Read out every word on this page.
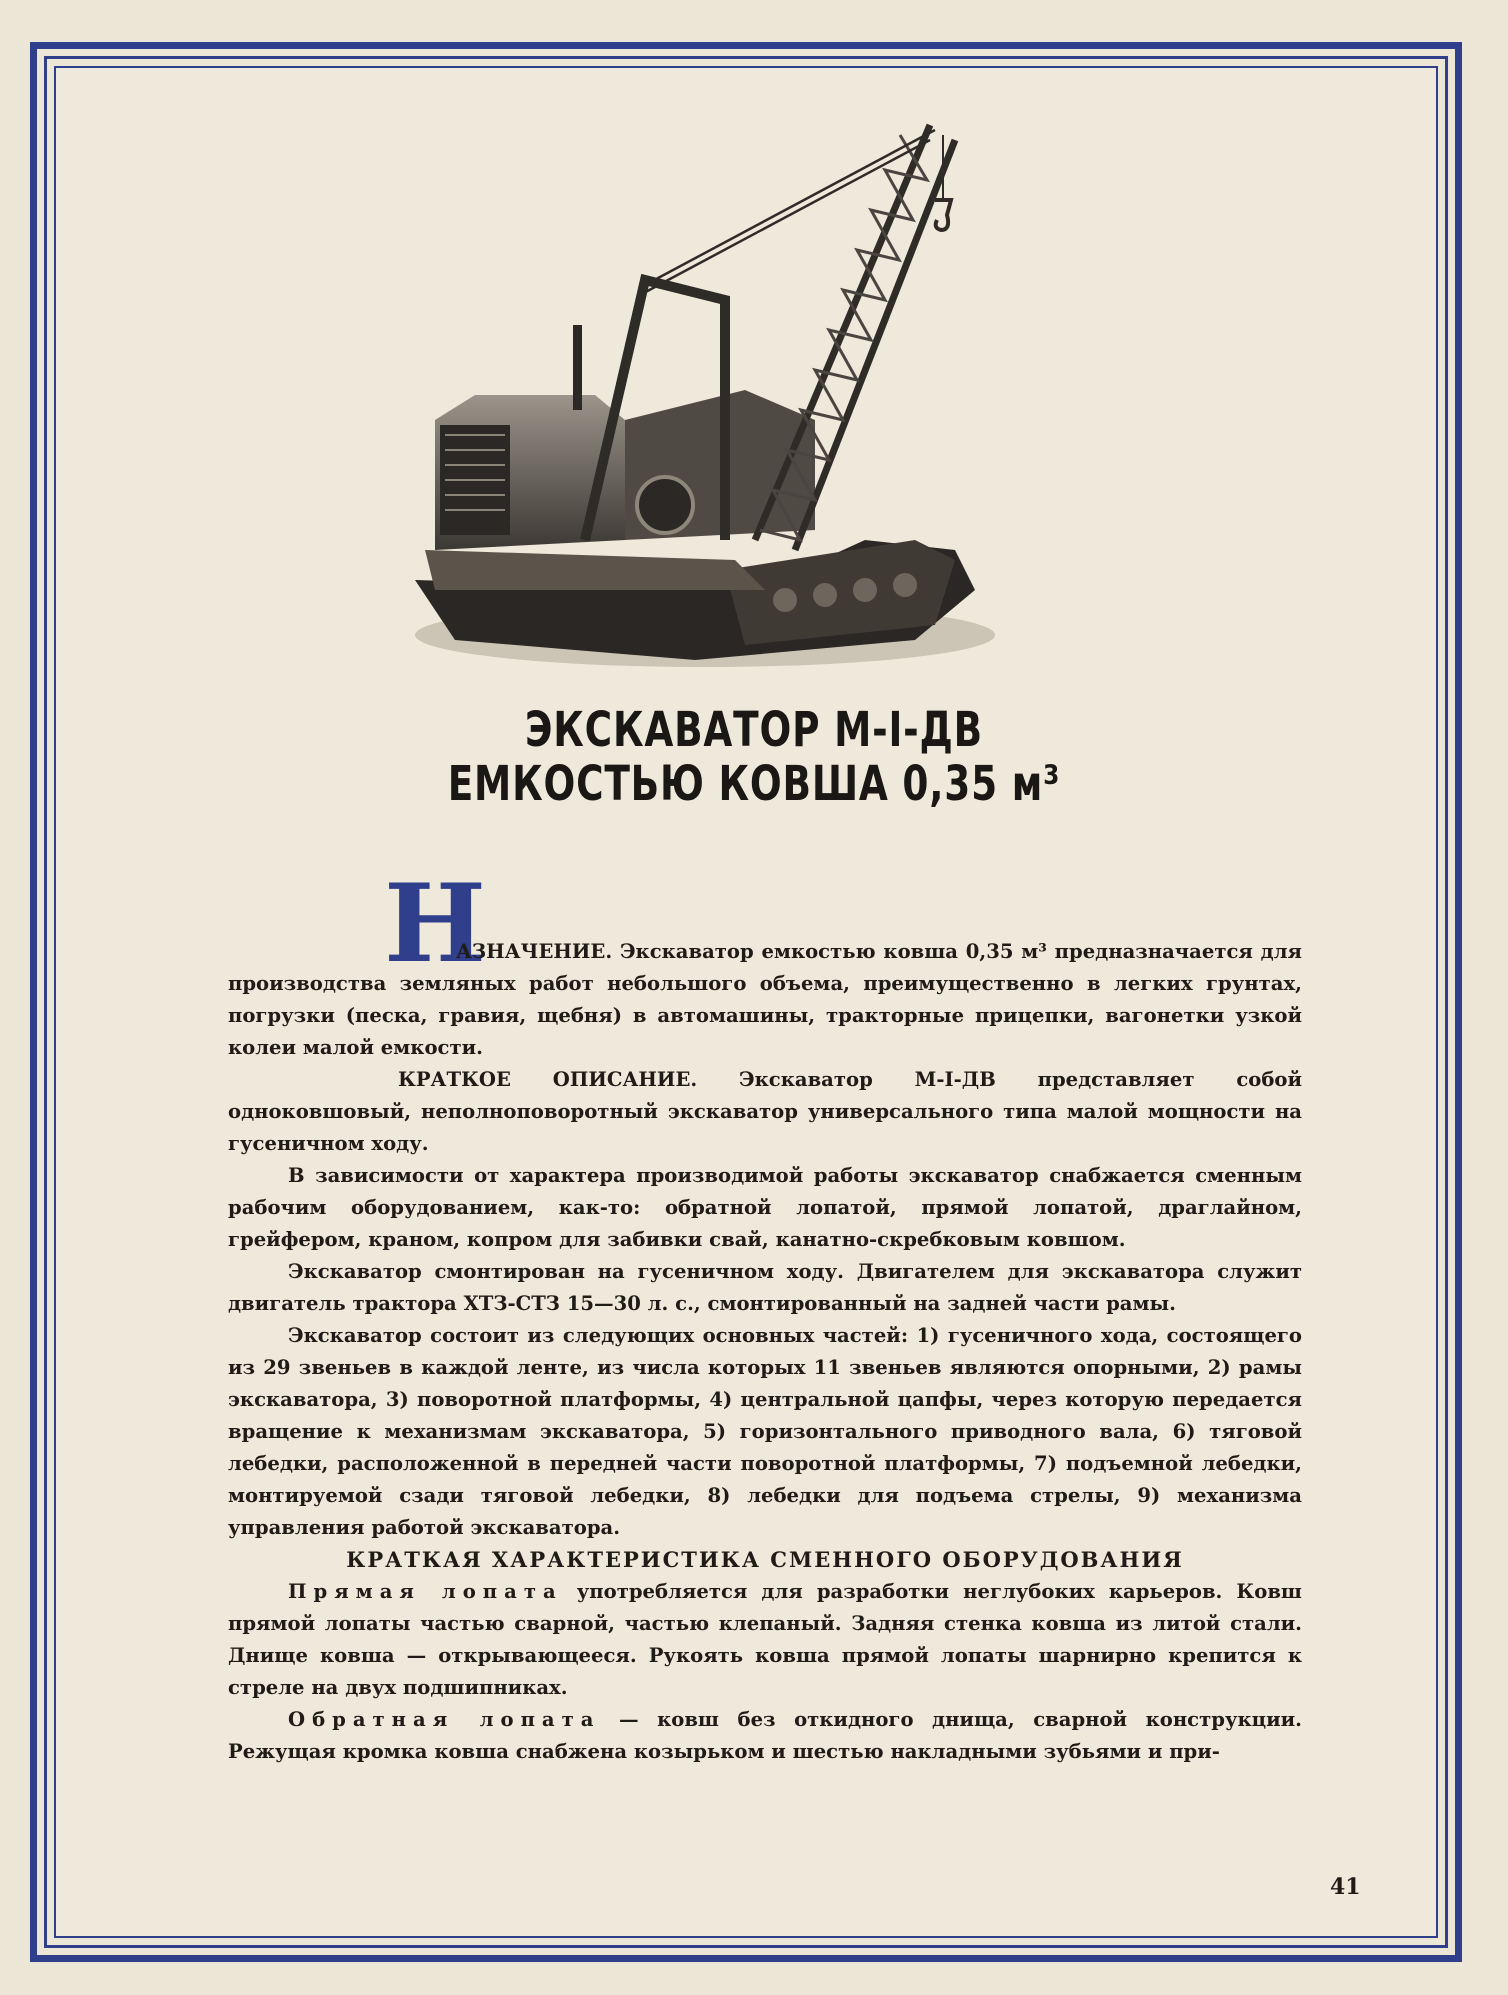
ЭКСКАВАТОР М-I-ДВ
ЕМКОСТЬЮ КОВША 0,35 м³
Н

АЗНАЧЕНИЕ. Экскаватор емкостью ковша 0,35 м³ предназначается для производства земляных работ небольшого объема, преимущественно в легких грунтах, погрузки (песка, гравия, щебня) в автомашины, тракторные прицепки, вагонетки узкой колеи малой емкости.

КРАТКОЕ ОПИСАНИЕ. Экскаватор М-I-ДВ представляет собой одноковшовый, неполноповоротный экскаватор универсального типа малой мощности на гусеничном ходу.

В зависимости от характера производимой работы экскаватор снабжается сменным рабочим оборудованием, как-то: обратной лопатой, прямой лопатой, драглайном, грейфером, краном, копром для забивки свай, канатно-скребковым ковшом.

Экскаватор смонтирован на гусеничном ходу. Двигателем для экскаватора служит двигатель трактора ХТЗ-СТЗ 15—30 л. с., смонтированный на задней части рамы.

Экскаватор состоит из следующих основных частей: 1) гусеничного хода, состоящего из 29 звеньев в каждой ленте, из числа которых 11 звеньев являются опорными, 2) рамы экскаватора, 3) поворотной платформы, 4) центральной цапфы, через которую передается вращение к механизмам экскаватора, 5) горизонтального приводного вала, 6) тяговой лебедки, расположенной в передней части поворотной платформы, 7) подъемной лебедки, монтируемой сзади тяговой лебедки, 8) лебедки для подъема стрелы, 9) механизма управления работой экскаватора.

КРАТКАЯ ХАРАКТЕРИСТИКА СМЕННОГО ОБОРУДОВАНИЯ

Прямая лопата употребляется для разработки неглубоких карьеров. Ковш прямой лопаты частью сварной, частью клепаный. Задняя стенка ковша из литой стали. Днище ковша — открывающееся. Рукоять ковша прямой лопаты шарнирно крепится к стреле на двух подшипниках.

Обратная лопата — ковш без откидного днища, сварной конструкции. Режущая кромка ковша снабжена козырьком и шестью накладными зубьями и при-

41
